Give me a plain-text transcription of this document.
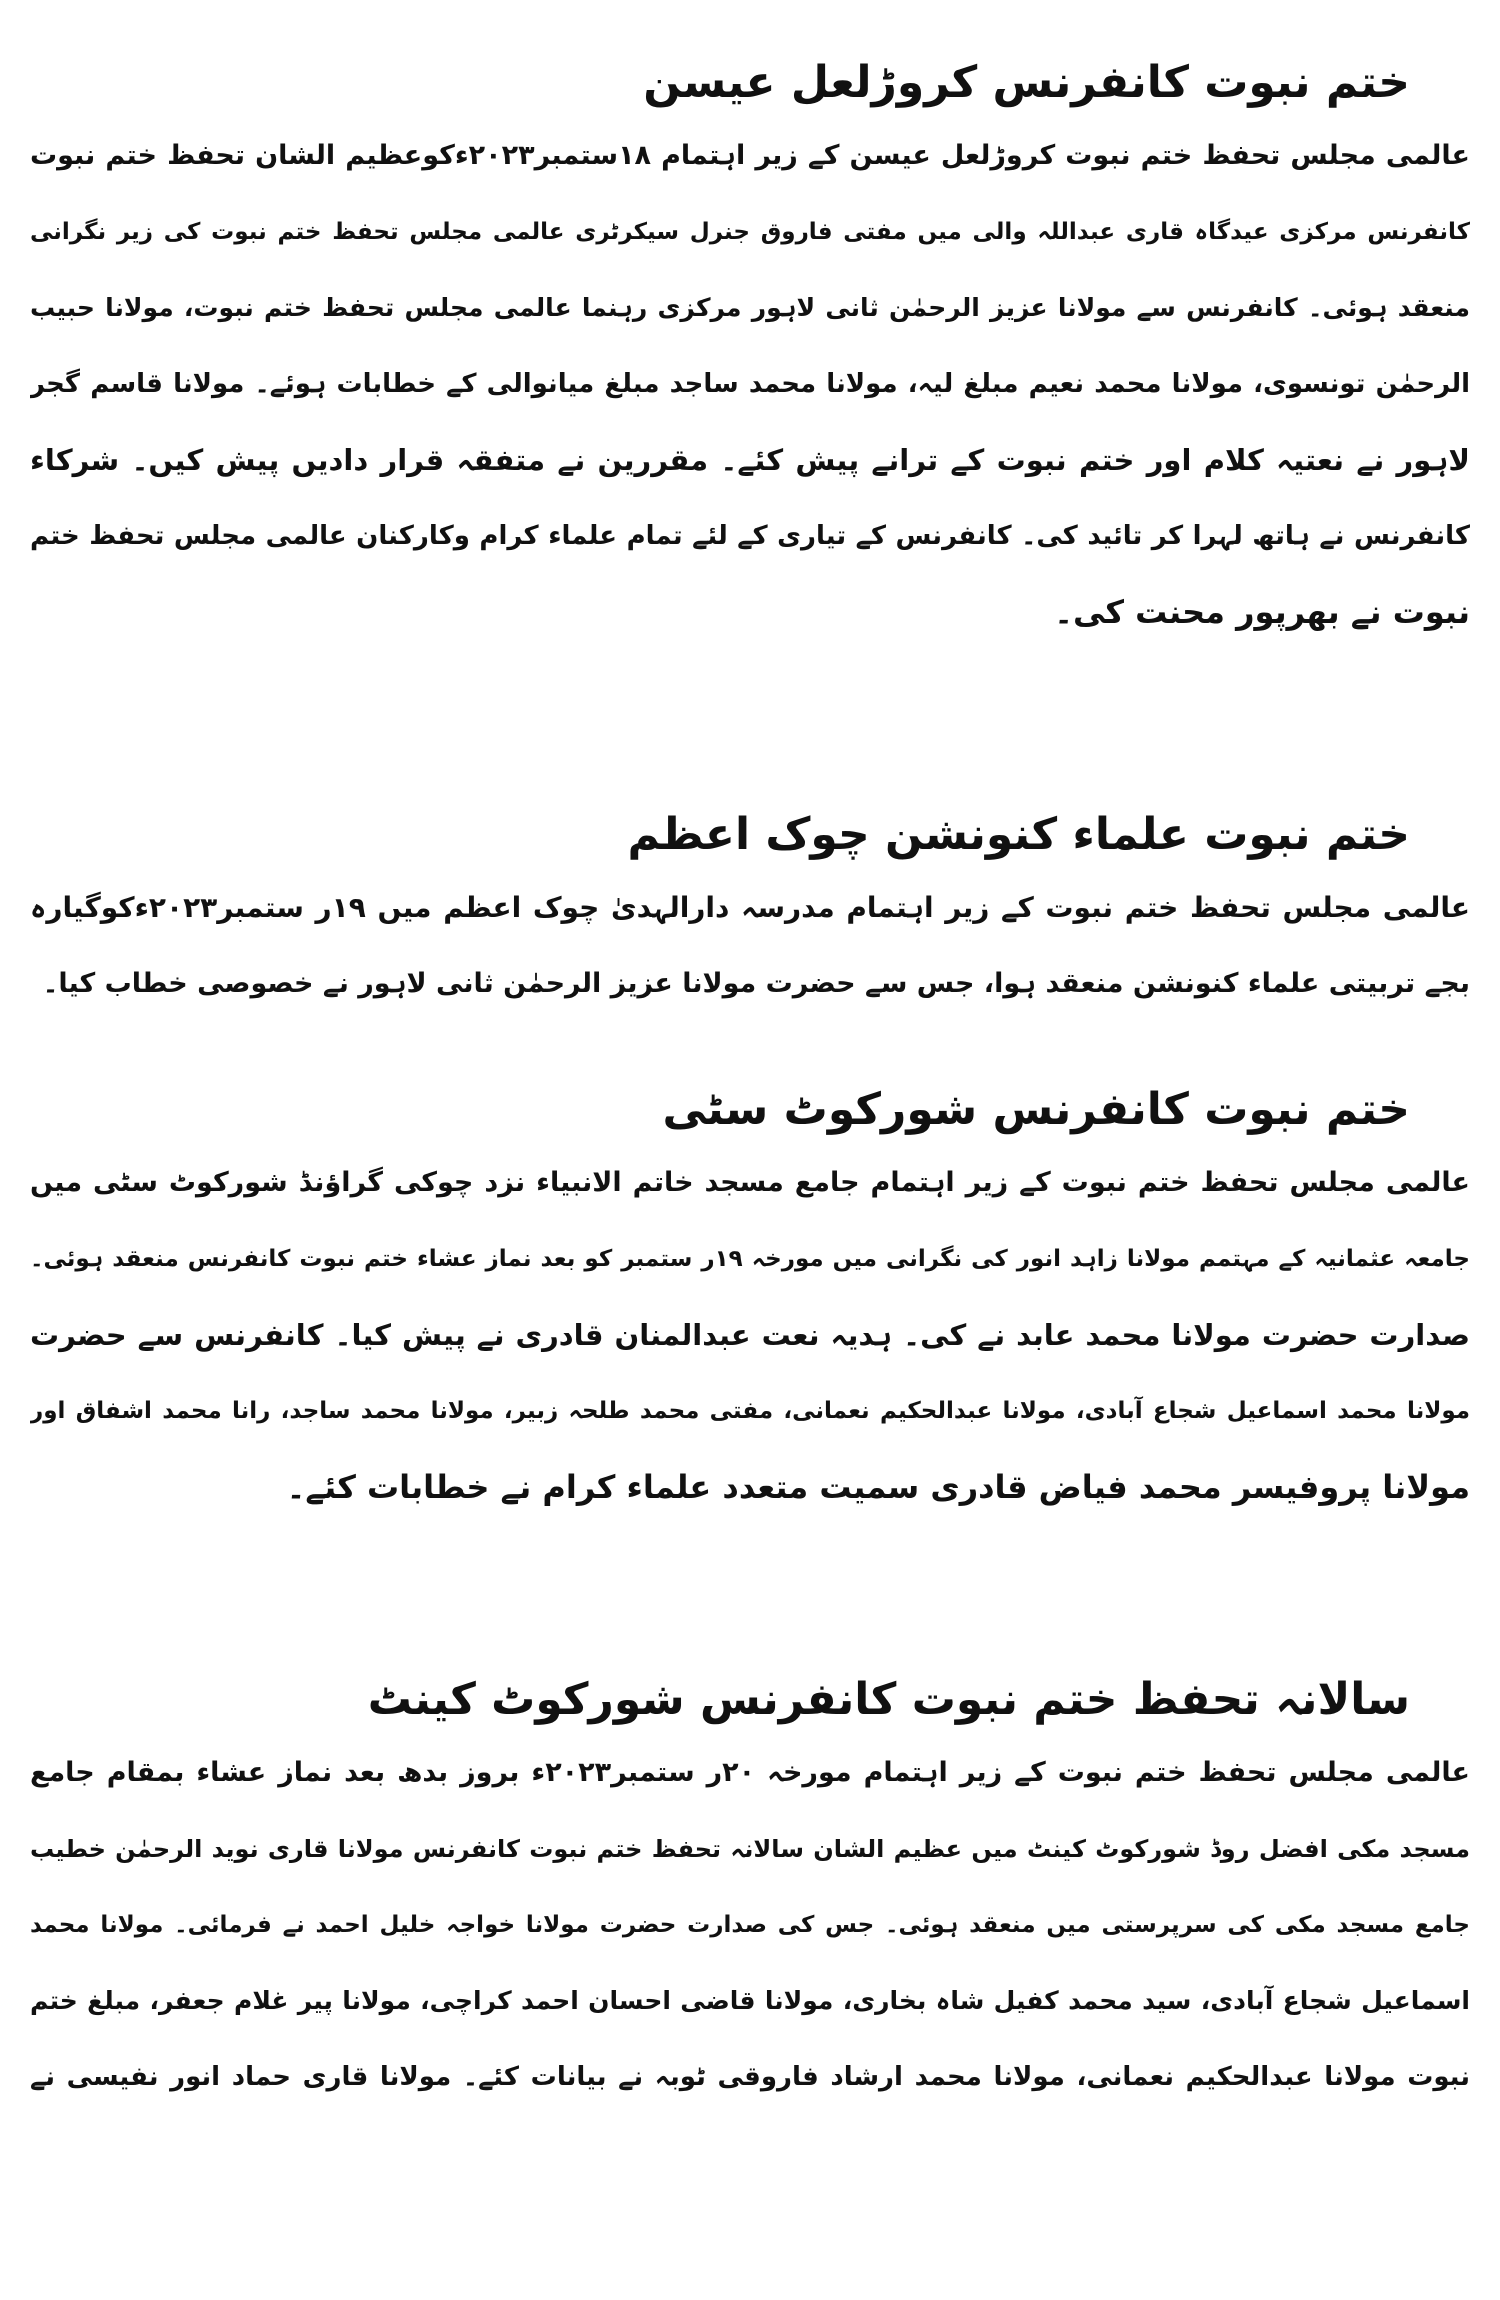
ختم نبوت کانفرنس کروڑلعل عیسن
عالمی مجلس تحفظ ختم نبوت کروڑلعل عیسن کے زیر اہتمام ۱۸ستمبر۲۰۲۳ءکوعظیم الشان تحفظ ختم نبوت
کانفرنس مرکزی عیدگاہ قاری عبداللہ والی میں مفتی فاروق جنرل سیکرٹری عالمی مجلس تحفظ ختم نبوت کی زیر نگرانی
منعقد ہوئی۔ کانفرنس سے مولانا عزیز الرحمٰن ثانی لاہور مرکزی رہنما عالمی مجلس تحفظ ختم نبوت، مولانا حبیب
الرحمٰن تونسوی، مولانا محمد نعیم مبلغ لیہ، مولانا محمد ساجد مبلغ میانوالی کے خطابات ہوئے۔ مولانا قاسم گجر
لاہور نے نعتیہ کلام اور ختم نبوت کے ترانے پیش کئے۔ مقررین نے متفقہ قرار دادیں پیش کیں۔ شرکاء
کانفرنس نے ہاتھ لہرا کر تائید کی۔ کانفرنس کے تیاری کے لئے تمام علماء کرام وکارکنان عالمی مجلس تحفظ ختم
نبوت نے بھرپور محنت کی۔
ختم نبوت علماء کنونشن چوک اعظم
عالمی مجلس تحفظ ختم نبوت کے زیر اہتمام مدرسہ دارالہدیٰ چوک اعظم میں ۱۹ر ستمبر۲۰۲۳ءکوگیارہ
بجے تربیتی علماء کنونشن منعقد ہوا، جس سے حضرت مولانا عزیز الرحمٰن ثانی لاہور نے خصوصی خطاب کیا۔
ختم نبوت کانفرنس شورکوٹ سٹی
عالمی مجلس تحفظ ختم نبوت کے زیر اہتمام جامع مسجد خاتم الانبیاء نزد چوکی گراؤنڈ شورکوٹ سٹی میں
جامعہ عثمانیہ کے مہتمم مولانا زاہد انور کی نگرانی میں مورخہ ۱۹ر ستمبر کو بعد نماز عشاء ختم نبوت کانفرنس منعقد ہوئی۔
صدارت حضرت مولانا محمد عابد نے کی۔ ہدیہ نعت عبدالمنان قادری نے پیش کیا۔ کانفرنس سے حضرت
مولانا محمد اسماعیل شجاع آبادی، مولانا عبدالحکیم نعمانی، مفتی محمد طلحہ زبیر، مولانا محمد ساجد، رانا محمد اشفاق اور
مولانا پروفیسر محمد فیاض قادری سمیت متعدد علماء کرام نے خطابات کئے۔
سالانہ تحفظ ختم نبوت کانفرنس شورکوٹ کینٹ
عالمی مجلس تحفظ ختم نبوت کے زیر اہتمام مورخہ ۲۰ر ستمبر۲۰۲۳ء بروز بدھ بعد نماز عشاء بمقام جامع
مسجد مکی افضل روڈ شورکوٹ کینٹ میں عظیم الشان سالانہ تحفظ ختم نبوت کانفرنس مولانا قاری نوید الرحمٰن خطیب
جامع مسجد مکی کی سرپرستی میں منعقد ہوئی۔ جس کی صدارت حضرت مولانا خواجہ خلیل احمد نے فرمائی۔ مولانا محمد
اسماعیل شجاع آبادی، سید محمد کفیل شاہ بخاری، مولانا قاضی احسان احمد کراچی، مولانا پیر غلام جعفر، مبلغ ختم
نبوت مولانا عبدالحکیم نعمانی، مولانا محمد ارشاد فاروقی ٹوبہ نے بیانات کئے۔ مولانا قاری حماد انور نفیسی نے
